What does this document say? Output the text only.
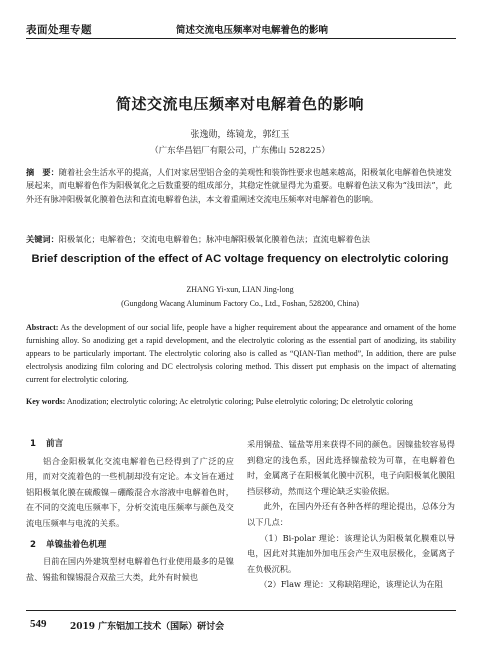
表面处理专题	简述交流电压频率对电解着色的影响
简述交流电压频率对电解着色的影响
张逸勋，练镜龙，郭红玉
（广东华昌铝厂有限公司，广东佛山 528225）
摘　要：随着社会生活水平的提高，人们对家居型铝合金的美观性和装饰性要求也越来越高，阳极氧化电解着色快速发展起来，而电解着色作为阳极氧化之后数重要的组成部分，其稳定性就显得尤为重要。电解着色法又称为“浅田法”，此外还有脉冲阳极氧化膜着色法和直流电解着色法，本文着重阐述交流电压频率对电解着色的影响。
关键词：阳极氧化；电解着色；交流电电解着色；脉冲电解阳极氧化膜着色法；直流电解着色法
Brief description of the effect of AC voltage frequency on electrolytic coloring
ZHANG Yi-xun, LIAN Jing-long
(Gungdong Wacang Aluminum Factory Co., Ltd., Foshan, 528200, China)
Abstract: As the development of our social life, people have a higher requirement about the appearance and ornament of the home furnishing alloy. So anodizing get a rapid development, and the electrolytic coloring as the essential part of anodizing, its stability appears to be particularly important. The electrolytic coloring also is called as “QIAN-Tian method”, In addition, there are pulse electrolysis anodizing film coloring and DC electrolysis coloring method. This dissert put emphasis on the impact of alternating current for electrolytic coloring.
Key words: Anodization; electrolytic coloring; Ac eletrolytic coloring; Pulse eletrolytic coloring; Dc eletrolytic coloring
1 前言
铝合金阳极氧化交流电解着色已经得到了广泛的应用，而对交流着色的一些机制却没有定论。本文旨在通过铝阳极氧化膜在硫酸镍－硼酸混合水溶液中电解着色时，在不同的交流电压频率下，分析交流电压频率与颜色及交流电压频率与电流的关系。
2 单镍盐着色机理
目前在国内外建筑型材电解着色行业使用最多的是镍盐、锡盐和镍锡混合双盐三大类，此外有时候也
采用铜盐、锰盐等用来获得不同的颜色。因镍盐较容易得到稳定的浅色系，因此选择镍盐较为可靠，在电解着色时，金属离子在阳极氧化膜中沉积，电子向阳极氧化膜阻挡层移动，然而这个理论缺乏实验依据。
　　此外，在国内外还有各种各样的理论提出，总体分为以下几点：
　　（1）Bi-polar 理论：该理论认为阳极氧化膜难以导电，因此对其施加外加电压会产生双电层极化，金属离子在负极沉积。
　　（2）Flaw 理论：又称缺陷理论，该理论认为在阻
549	2019 广东铝加工技术（国际）研讨会
